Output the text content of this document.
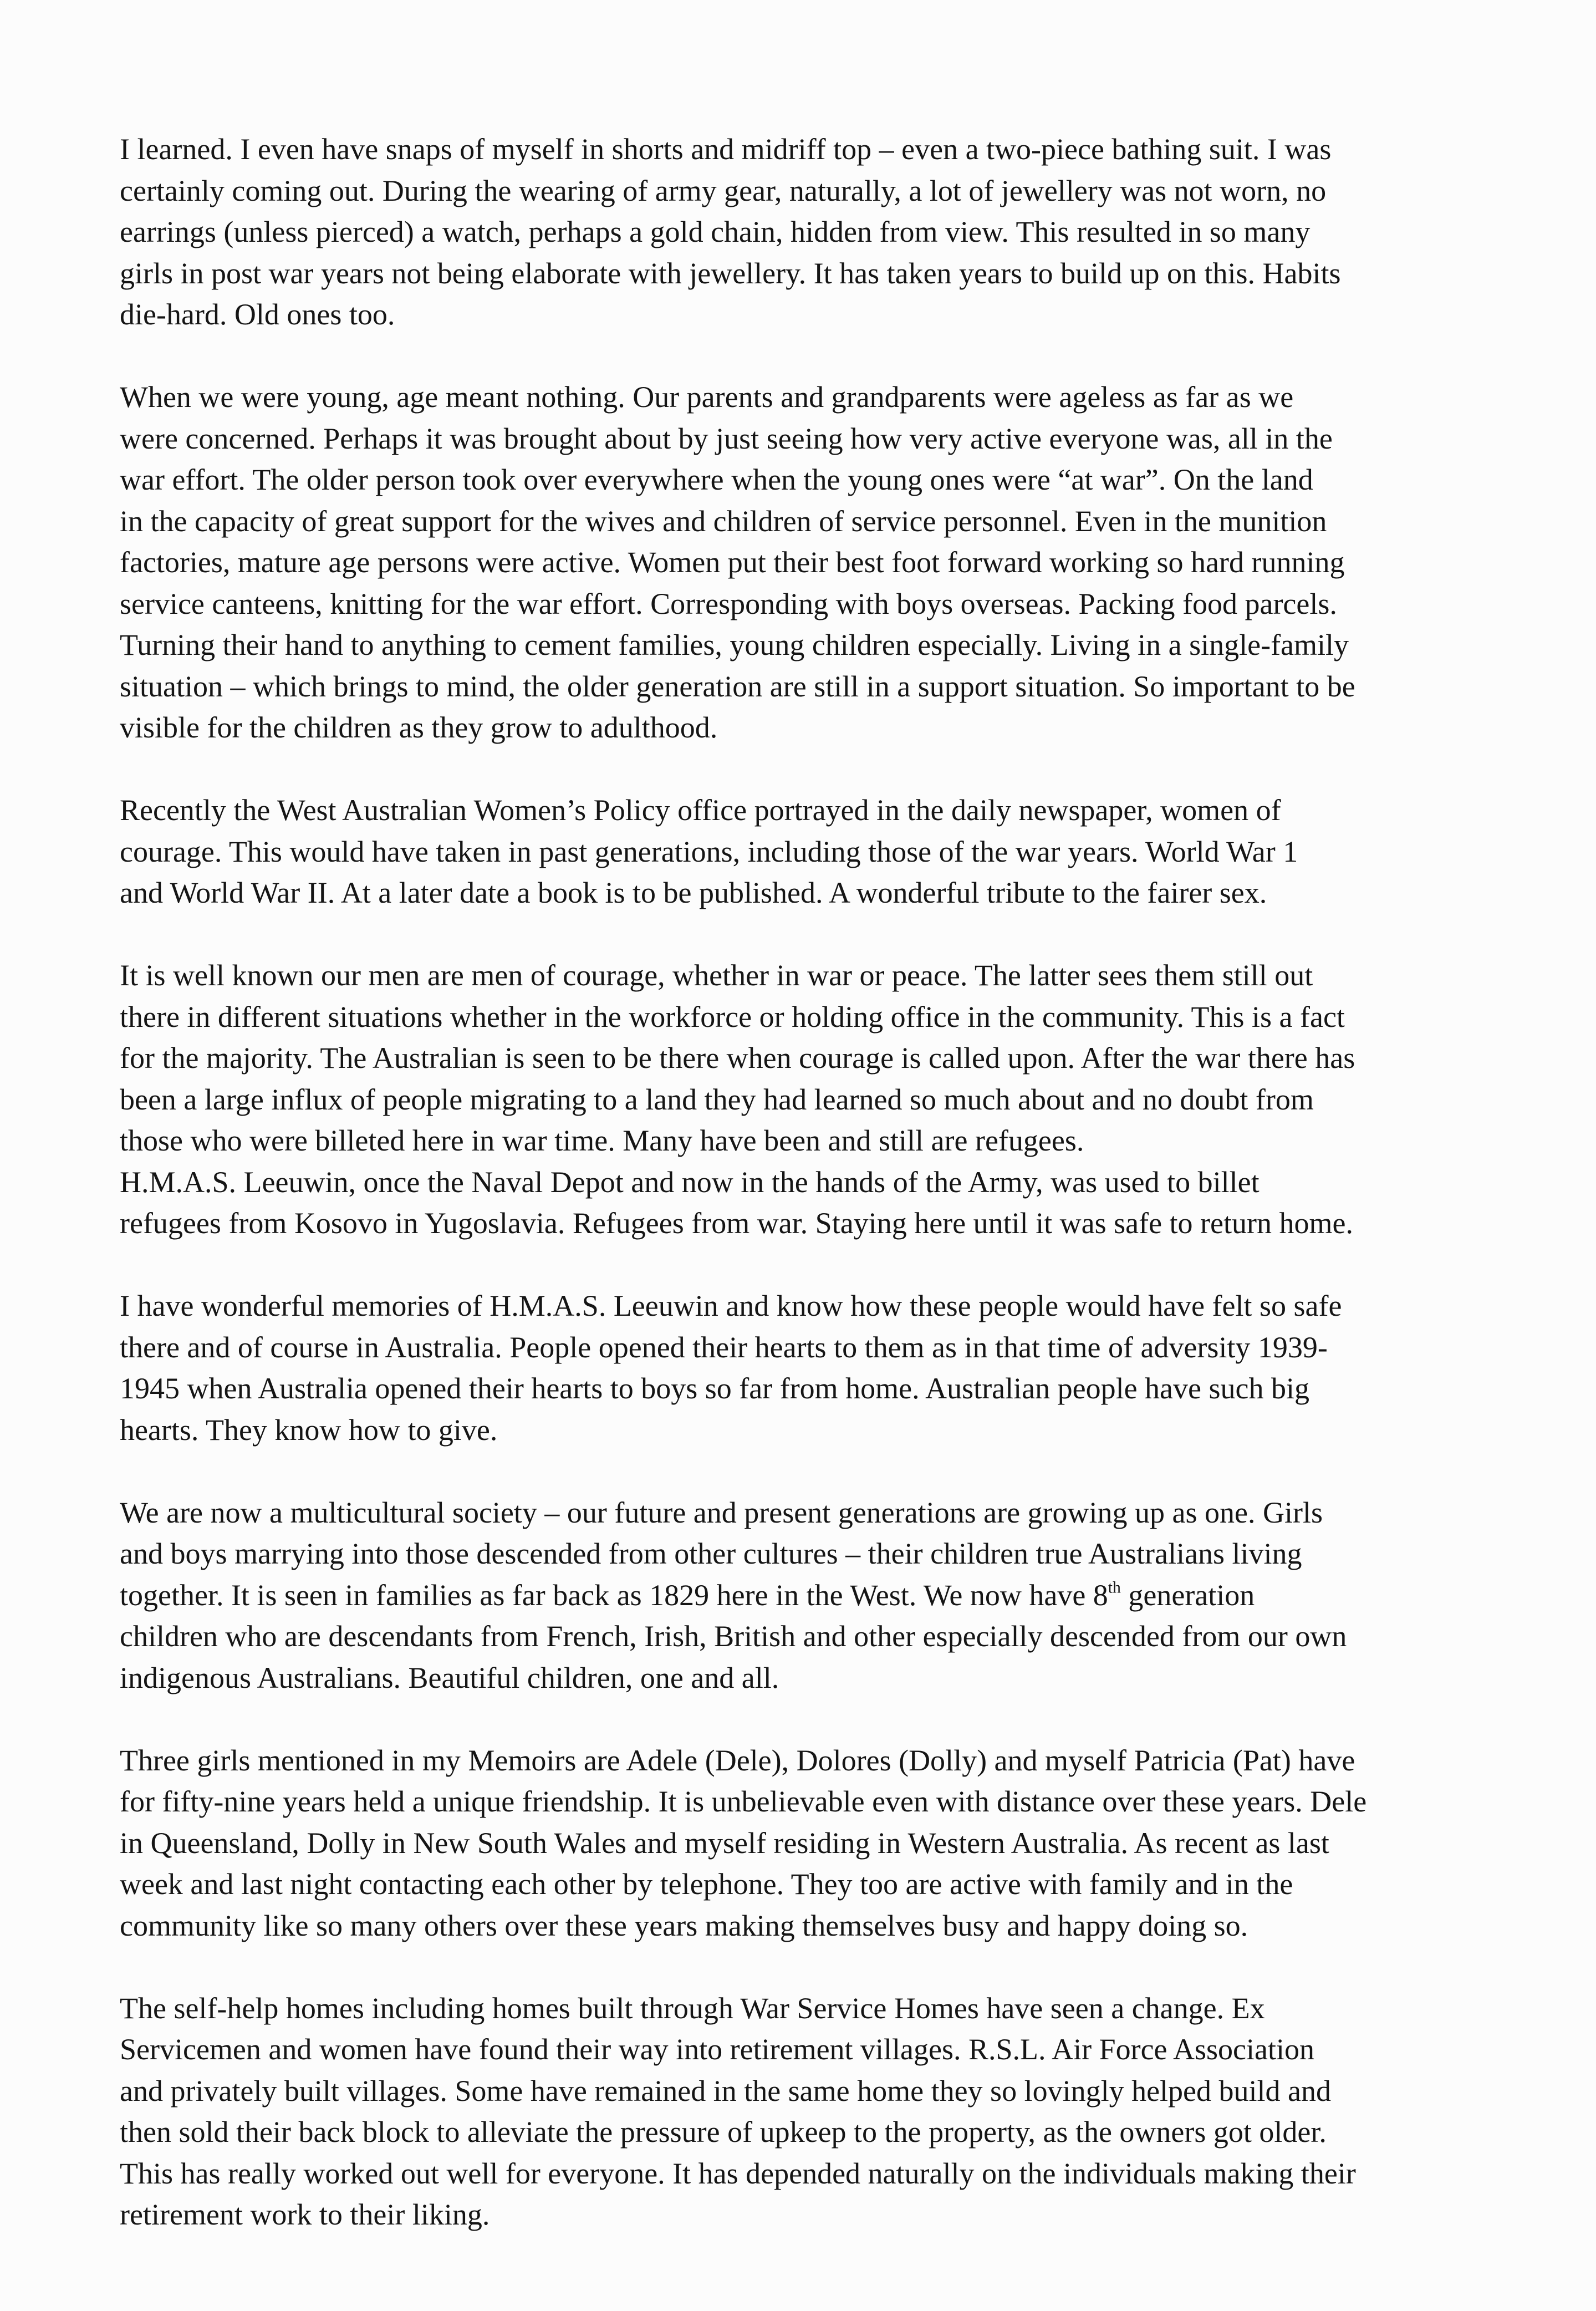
I learned. I even have snaps of myself in shorts and midriff top – even a two-piece bathing suit. I was
certainly coming out. During the wearing of army gear, naturally, a lot of jewellery was not worn, no
earrings (unless pierced) a watch, perhaps a gold chain, hidden from view. This resulted in so many
girls in post war years not being elaborate with jewellery. It has taken years to build up on this. Habits
die-hard. Old ones too.

When we were young, age meant nothing. Our parents and grandparents were ageless as far as we
were concerned. Perhaps it was brought about by just seeing how very active everyone was, all in the
war effort. The older person took over everywhere when the young ones were “at war”. On the land
in the capacity of great support for the wives and children of service personnel. Even in the munition
factories, mature age persons were active. Women put their best foot forward working so hard running
service canteens, knitting for the war effort. Corresponding with boys overseas. Packing food parcels.
Turning their hand to anything to cement families, young children especially. Living in a single-family
situation – which brings to mind, the older generation are still in a support situation. So important to be
visible for the children as they grow to adulthood.

Recently the West Australian Women’s Policy office portrayed in the daily newspaper, women of
courage. This would have taken in past generations, including those of the war years. World War 1
and World War II. At a later date a book is to be published. A wonderful tribute to the fairer sex.

It is well known our men are men of courage, whether in war or peace. The latter sees them still out
there in different situations whether in the workforce or holding office in the community. This is a fact
for the majority. The Australian is seen to be there when courage is called upon. After the war there has
been a large influx of people migrating to a land they had learned so much about and no doubt from
those who were billeted here in war time. Many have been and still are refugees.
H.M.A.S. Leeuwin, once the Naval Depot and now in the hands of the Army, was used to billet
refugees from Kosovo in Yugoslavia. Refugees from war. Staying here until it was safe to return home.

I have wonderful memories of H.M.A.S. Leeuwin and know how these people would have felt so safe
there and of course in Australia. People opened their hearts to them as in that time of adversity 1939-
1945 when Australia opened their hearts to boys so far from home. Australian people have such big
hearts. They know how to give.

We are now a multicultural society – our future and present generations are growing up as one. Girls
and boys marrying into those descended from other cultures – their children true Australians living
together. It is seen in families as far back as 1829 here in the West. We now have 8th generation
children who are descendants from French, Irish, British and other especially descended from our own
indigenous Australians. Beautiful children, one and all.

Three girls mentioned in my Memoirs are Adele (Dele), Dolores (Dolly) and myself Patricia (Pat) have
for fifty-nine years held a unique friendship. It is unbelievable even with distance over these years. Dele
in Queensland, Dolly in New South Wales and myself residing in Western Australia. As recent as last
week and last night contacting each other by telephone. They too are active with family and in the
community like so many others over these years making themselves busy and happy doing so.

The self-help homes including homes built through War Service Homes have seen a change. Ex
Servicemen and women have found their way into retirement villages. R.S.L. Air Force Association
and privately built villages. Some have remained in the same home they so lovingly helped build and
then sold their back block to alleviate the pressure of upkeep to the property, as the owners got older.
This has really worked out well for everyone. It has depended naturally on the individuals making their
retirement work to their liking.
